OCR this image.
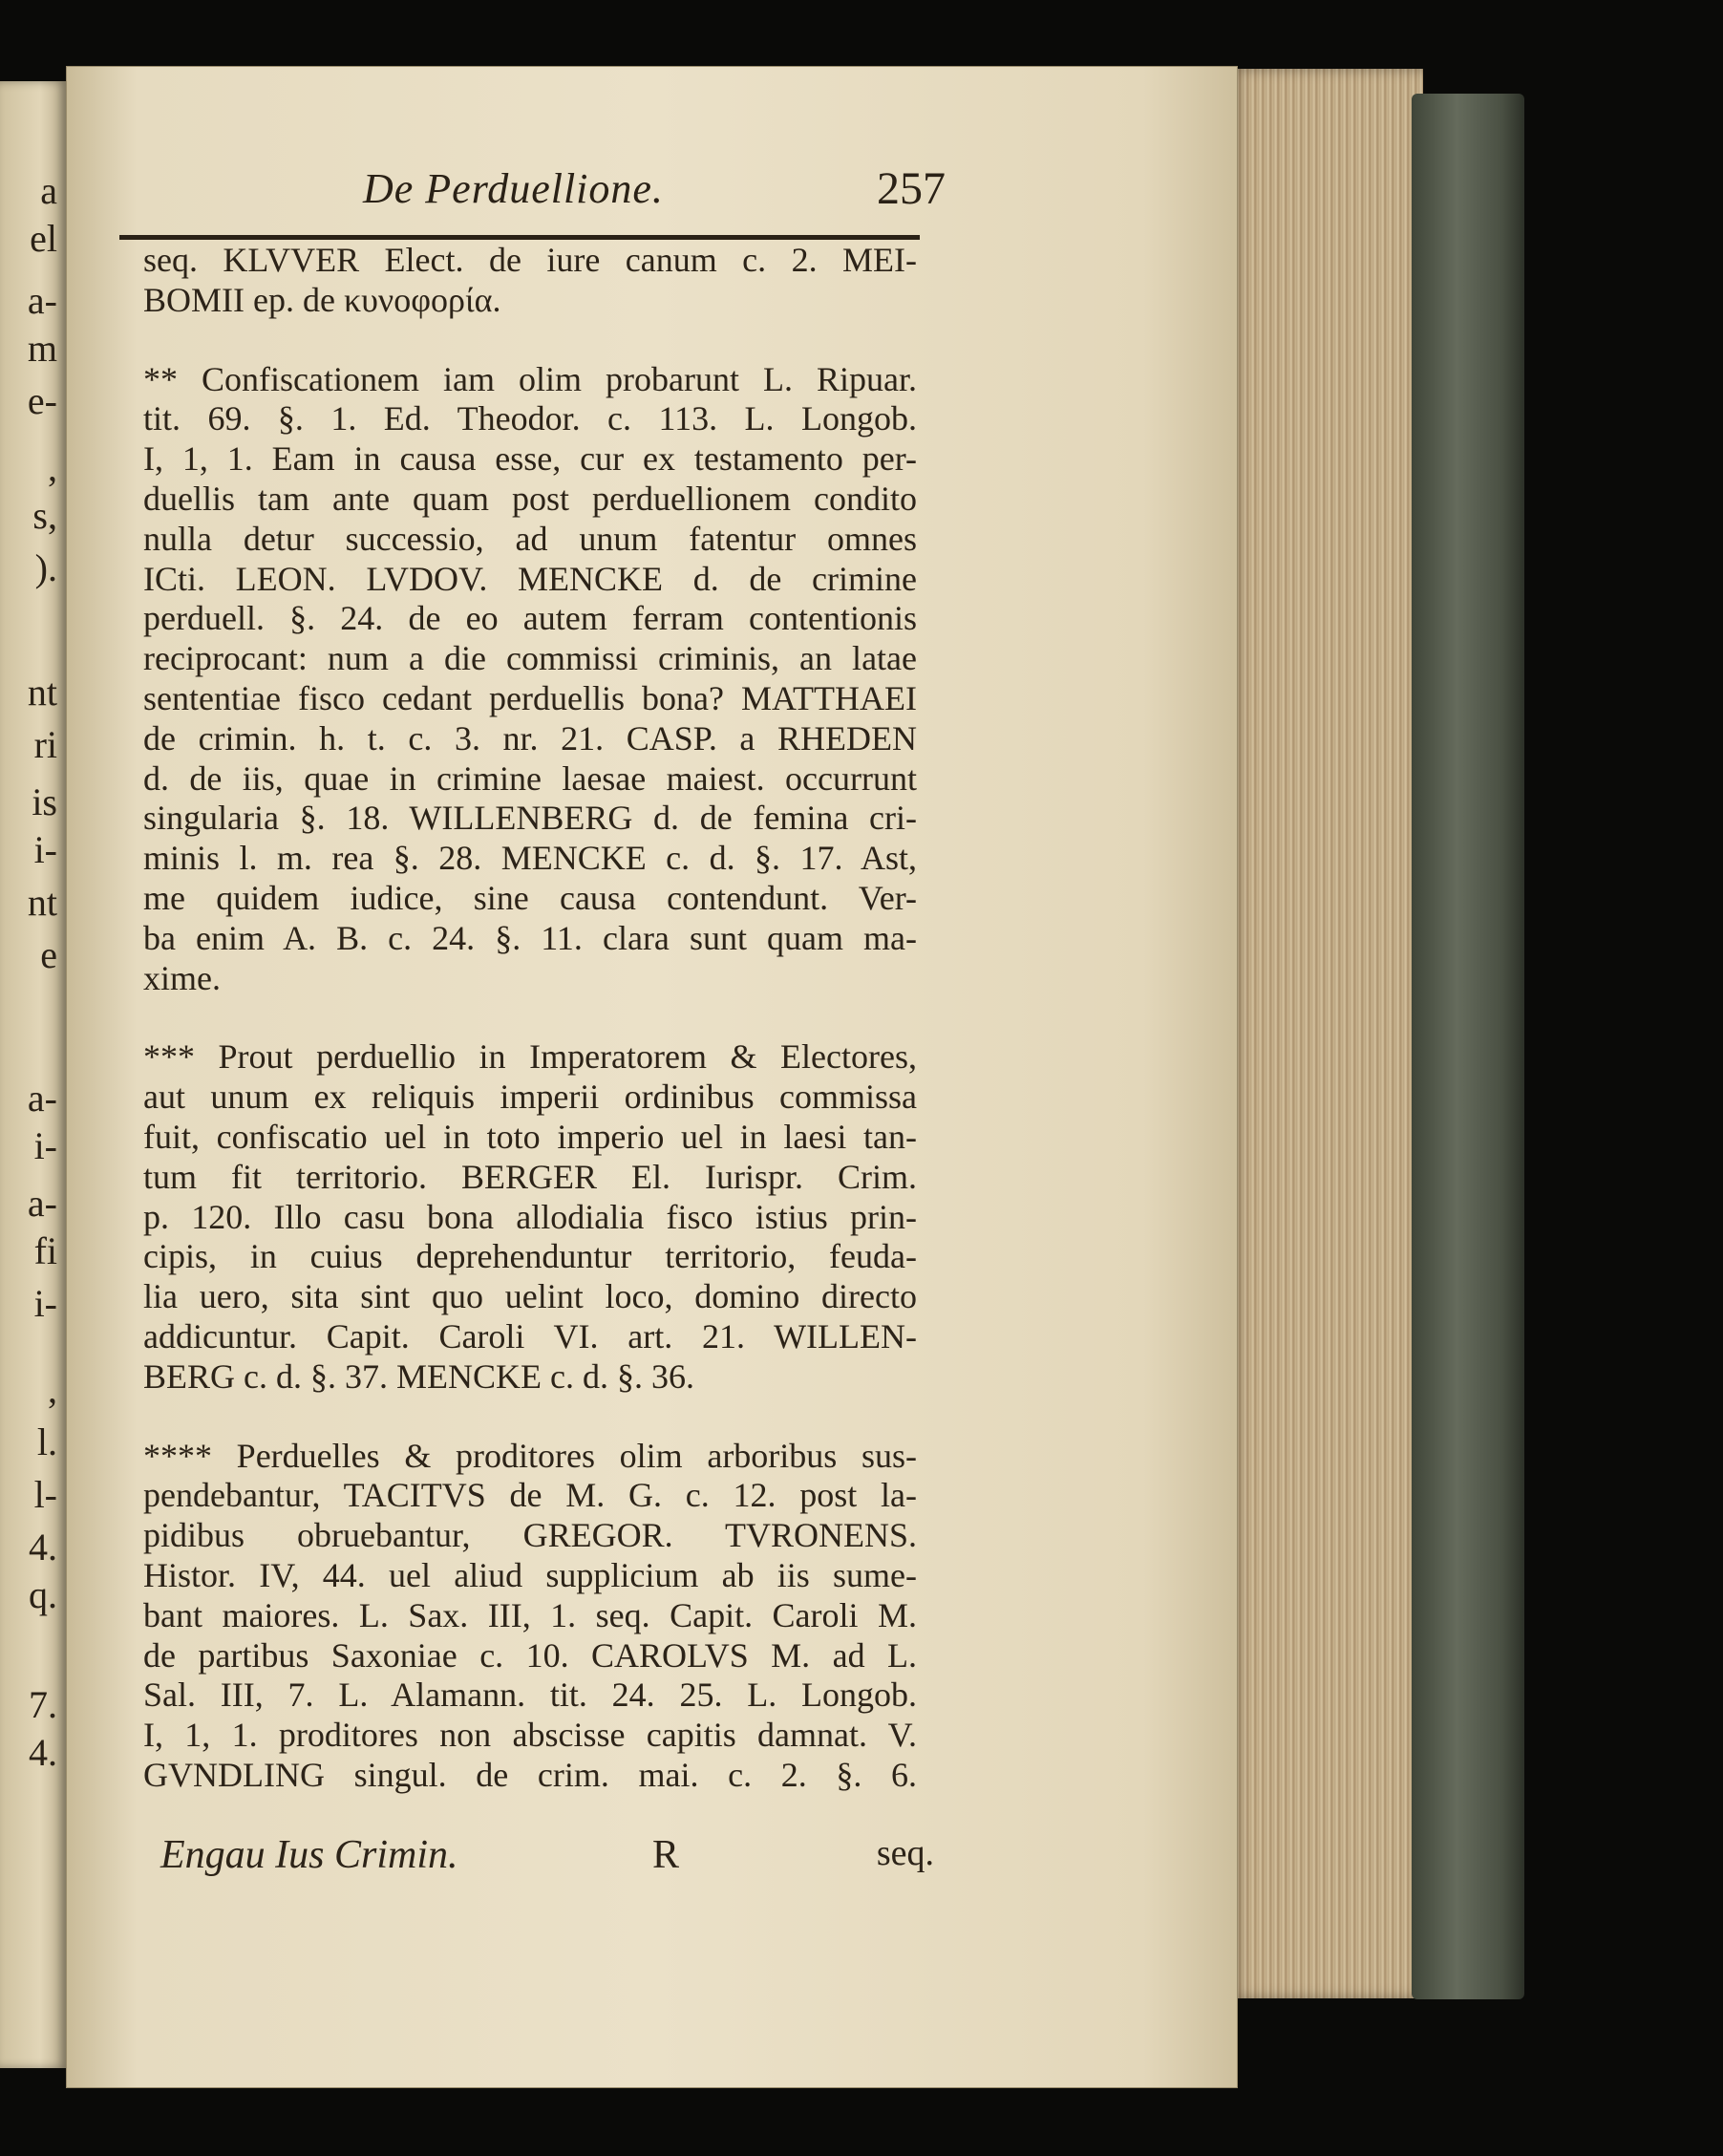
a
el
a-
m
e-
,
s,
).
nt
ri
is
i-
nt
e
a-
i-
a-
fi
i-
,
l.
l-
4.
q.
7.
4.
De Perduellione.	257
seq. KLVVER Elect. de iure canum c. 2. MEI-
BOMII ep. de κυνοφορία.
** Confiscationem iam olim probarunt L. Ripuar.
tit. 69. §. 1. Ed. Theodor. c. 113. L. Longob.
I, 1, 1. Eam in causa esse, cur ex testamento per-
duellis tam ante quam post perduellionem condito
nulla detur successio, ad unum fatentur omnes
ICti. LEON. LVDOV. MENCKE d. de crimine
perduell. §. 24. de eo autem ferram contentionis
reciprocant: num a die commissi criminis, an latae
sententiae fisco cedant perduellis bona? MATTHAEI
de crimin. h. t. c. 3. nr. 21. CASP. a RHEDEN
d. de iis, quae in crimine laesae maiest. occurrunt
singularia §. 18. WILLENBERG d. de femina cri-
minis l. m. rea §. 28. MENCKE c. d. §. 17. Ast,
me quidem iudice, sine causa contendunt. Ver-
ba enim A. B. c. 24. §. 11. clara sunt quam ma-
xime.
*** Prout perduellio in Imperatorem & Electores,
aut unum ex reliquis imperii ordinibus commissa
fuit, confiscatio uel in toto imperio uel in laesi tan-
tum fit territorio. BERGER El. Iurispr. Crim.
p. 120. Illo casu bona allodialia fisco istius prin-
cipis, in cuius deprehenduntur territorio, feuda-
lia uero, sita sint quo uelint loco, domino directo
addicuntur. Capit. Caroli VI. art. 21. WILLEN-
BERG c. d. §. 37. MENCKE c. d. §. 36.
**** Perduelles & proditores olim arboribus sus-
pendebantur, TACITVS de M. G. c. 12. post la-
pidibus obruebantur, GREGOR. TVRONENS.
Histor. IV, 44. uel aliud supplicium ab iis sume-
bant maiores. L. Sax. III, 1. seq. Capit. Caroli M.
de partibus Saxoniae c. 10. CAROLVS M. ad L.
Sal. III, 7. L. Alamann. tit. 24. 25. L. Longob.
I, 1, 1. proditores non abscisse capitis damnat. V.
GVNDLING singul. de crim. mai. c. 2. §. 6.
Engau Ius Crimin.	R	seq.
